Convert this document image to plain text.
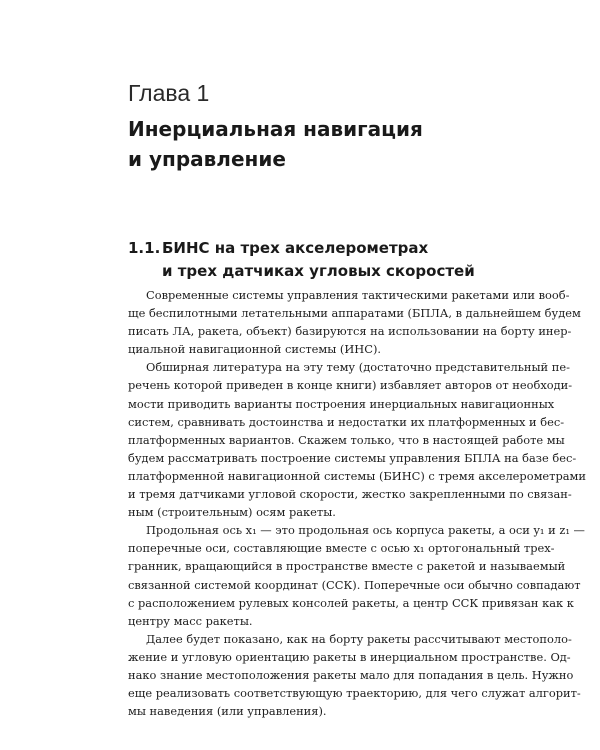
Глава 1
Инерциальная навигация
и управление
1.1. БИНС на трех акселерометрах
и трех датчиках угловых скоростей

Современные системы управления тактическими ракетами или вооб-
ще беспилотными летательными аппаратами (БПЛА, в дальнейшем будем
писать ЛА, ракета, объект) базируются на использовании на борту инер-
циальной навигационной системы (ИНС).

Обширная литература на эту тему (достаточно представительный пе-
речень которой приведен в конце книги) избавляет авторов от необходи-
мости приводить варианты построения инерциальных навигационных
систем, сравнивать достоинства и недостатки их платформенных и бес-
платформенных вариантов. Скажем только, что в настоящей работе мы
будем рассматривать построение системы управления БПЛА на базе бес-
платформенной навигационной системы (БИНС) с тремя акселерометрами
и тремя датчиками угловой скорости, жестко закрепленными по связан-
ным (строительным) осям ракеты.

Продольная ось x₁ — это продольная ось корпуса ракеты, а оси y₁ и z₁ —
поперечные оси, составляющие вместе с осью x₁ ортогональный трех-
гранник, вращающийся в пространстве вместе с ракетой и называемый
связанной системой координат (ССК). Поперечные оси обычно совпадают
с расположением рулевых консолей ракеты, а центр ССК привязан как к
центру масс ракеты.

Далее будет показано, как на борту ракеты рассчитывают местополо-
жение и угловую ориентацию ракеты в инерциальном пространстве. Од-
нако знание местоположения ракеты мало для попадания в цель. Нужно
еще реализовать соответствующую траекторию, для чего служат алгорит-
мы наведения (или управления).
